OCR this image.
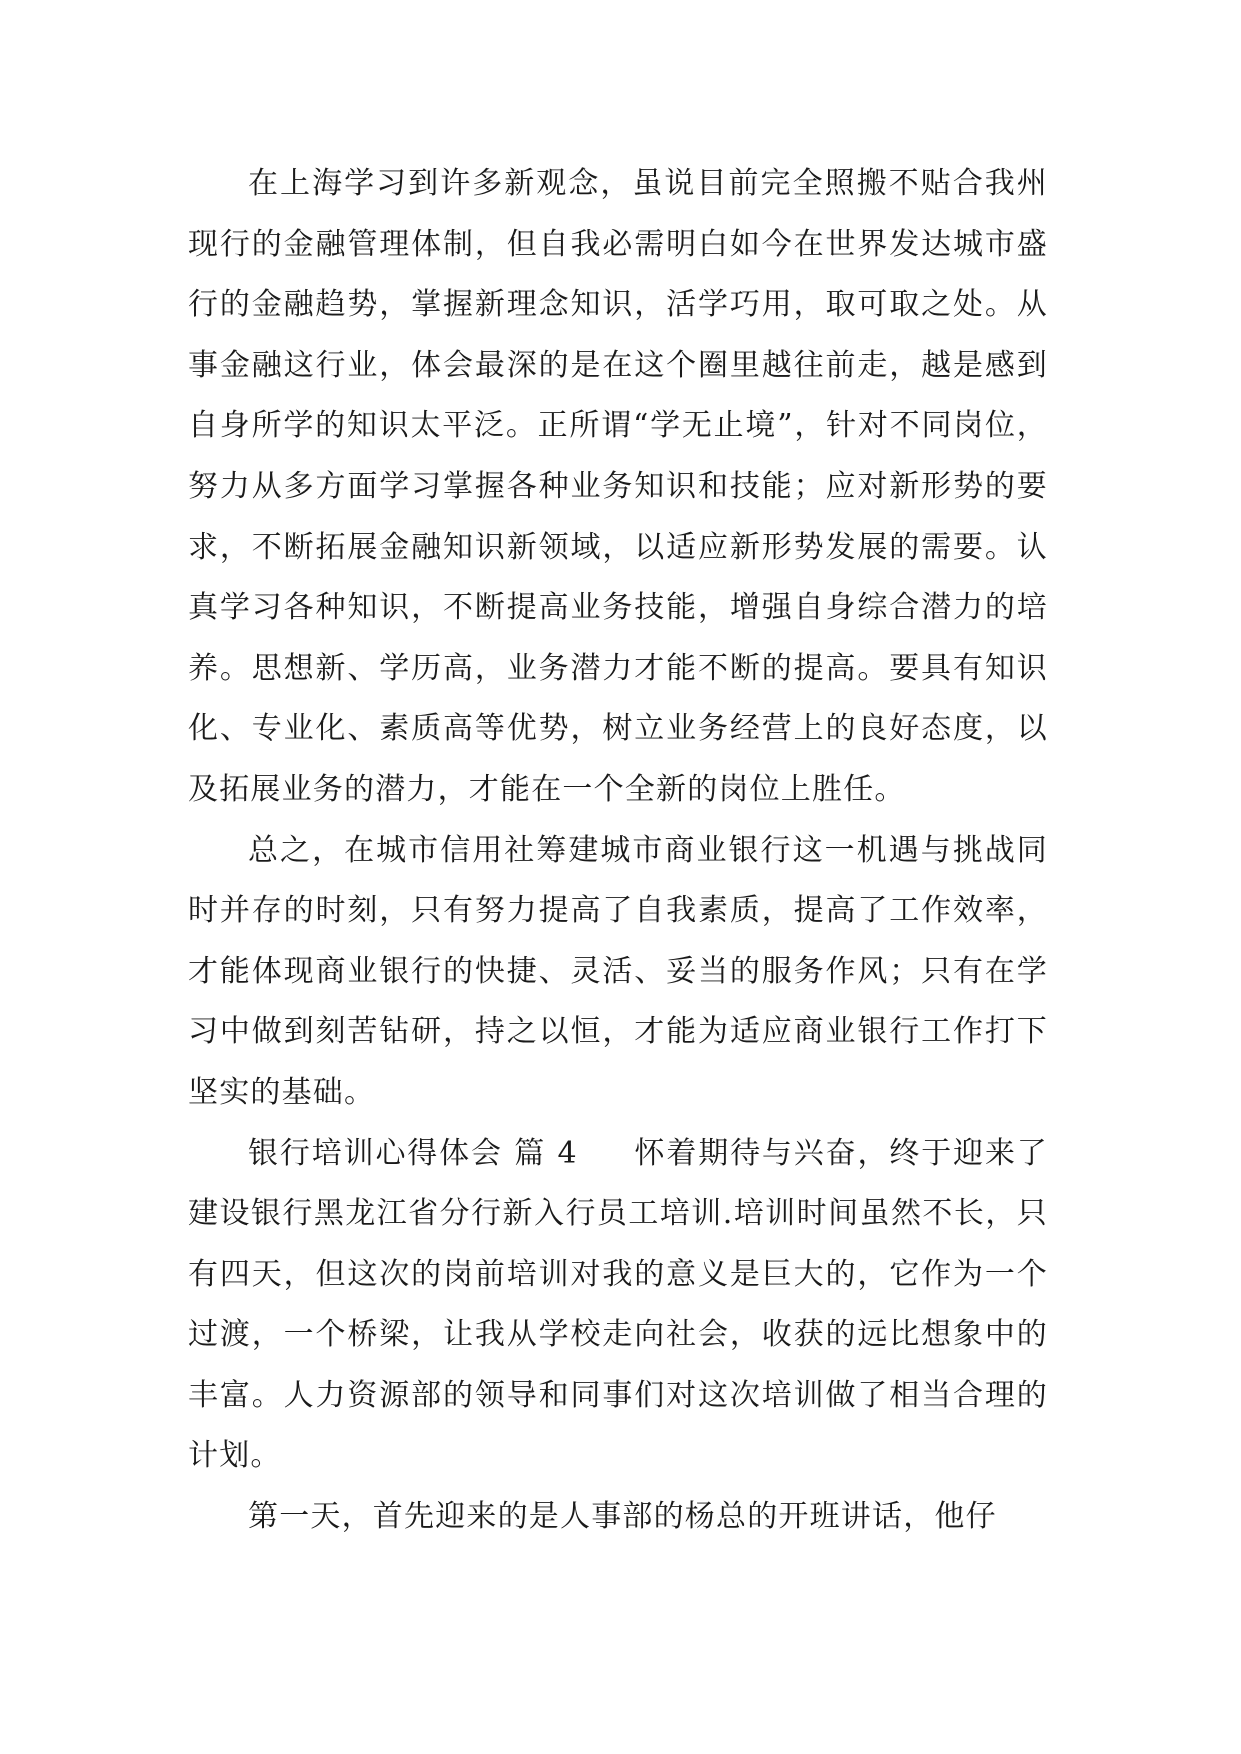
在上海学习到许多新观念，虽说目前完全照搬不贴合我州现行的金融管理体制，但自我必需明白如今在世界发达城市盛行的金融趋势，掌握新理念知识，活学巧用，取可取之处。从事金融这行业，体会最深的是在这个圈里越往前走，越是感到自身所学的知识太平泛。正所谓“学无止境”，针对不同岗位，努力从多方面学习掌握各种业务知识和技能；应对新形势的要求，不断拓展金融知识新领域，以适应新形势发展的需要。认真学习各种知识，不断提高业务技能，增强自身综合潜力的培养。思想新、学历高，业务潜力才能不断的提高。要具有知识化、专业化、素质高等优势，树立业务经营上的良好态度，以及拓展业务的潜力，才能在一个全新的岗位上胜任。

总之，在城市信用社筹建城市商业银行这一机遇与挑战同时并存的时刻，只有努力提高了自我素质，提高了工作效率，才能体现商业银行的快捷、灵活、妥当的服务作风；只有在学习中做到刻苦钻研，持之以恒，才能为适应商业银行工作打下坚实的基础。

银行培训心得体会 篇 4 怀着期待与兴奋，终于迎来了建设银行黑龙江省分行新入行员工培训.培训时间虽然不长，只有四天，但这次的岗前培训对我的意义是巨大的，它作为一个过渡，一个桥梁，让我从学校走向社会，收获的远比想象中的丰富。人力资源部的领导和同事们对这次培训做了相当合理的计划。

第一天，首先迎来的是人事部的杨总的开班讲话，他仔
